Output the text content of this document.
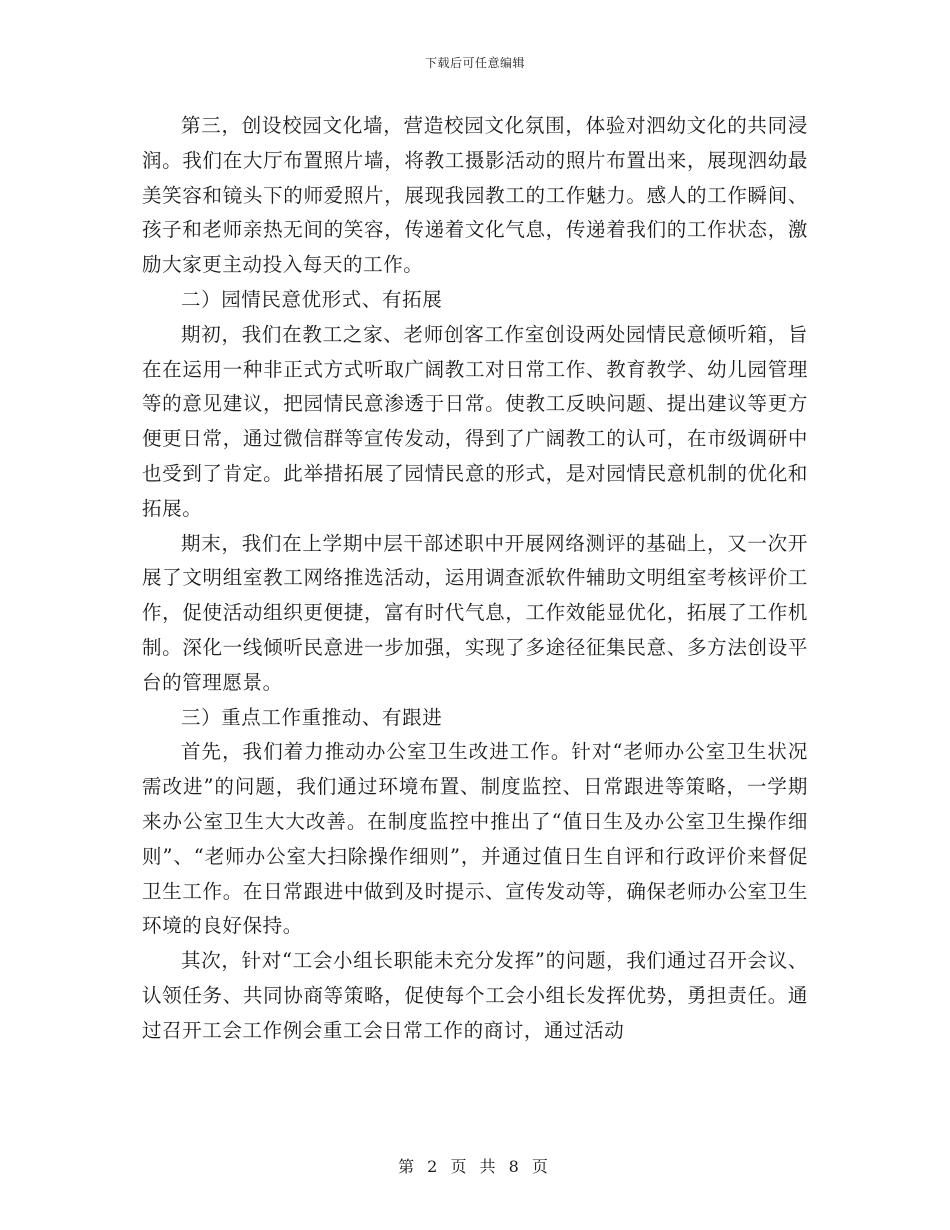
下载后可任意编辑

第三，创设校园文化墙，营造校园文化氛围，体验对泗幼文化的共同浸润。我们在大厅布置照片墙，将教工摄影活动的照片布置出来，展现泗幼最美笑容和镜头下的师爱照片，展现我园教工的工作魅力。感人的工作瞬间、孩子和老师亲热无间的笑容，传递着文化气息，传递着我们的工作状态，激励大家更主动投入每天的工作。

二）园情民意优形式、有拓展

期初，我们在教工之家、老师创客工作室创设两处园情民意倾听箱，旨在在运用一种非正式方式听取广阔教工对日常工作、教育教学、幼儿园管理等的意见建议，把园情民意渗透于日常。使教工反映问题、提出建议等更方便更日常，通过微信群等宣传发动，得到了广阔教工的认可，在市级调研中也受到了肯定。此举措拓展了园情民意的形式，是对园情民意机制的优化和拓展。

期末，我们在上学期中层干部述职中开展网络测评的基础上，又一次开展了文明组室教工网络推选活动，运用调查派软件辅助文明组室考核评价工作，促使活动组织更便捷，富有时代气息，工作效能显优化，拓展了工作机制。深化一线倾听民意进一步加强，实现了多途径征集民意、多方法创设平台的管理愿景。

三）重点工作重推动、有跟进

首先，我们着力推动办公室卫生改进工作。针对“老师办公室卫生状况需改进”的问题，我们通过环境布置、制度监控、日常跟进等策略，一学期来办公室卫生大大改善。在制度监控中推出了“值日生及办公室卫生操作细则”、“老师办公室大扫除操作细则”，并通过值日生自评和行政评价来督促卫生工作。在日常跟进中做到及时提示、宣传发动等，确保老师办公室卫生环境的良好保持。

其次，针对“工会小组长职能未充分发挥”的问题，我们通过召开会议、认领任务、共同协商等策略，促使每个工会小组长发挥优势，勇担责任。通过召开工会工作例会重工会日常工作的商讨，通过活动

第 2 页 共 8 页
